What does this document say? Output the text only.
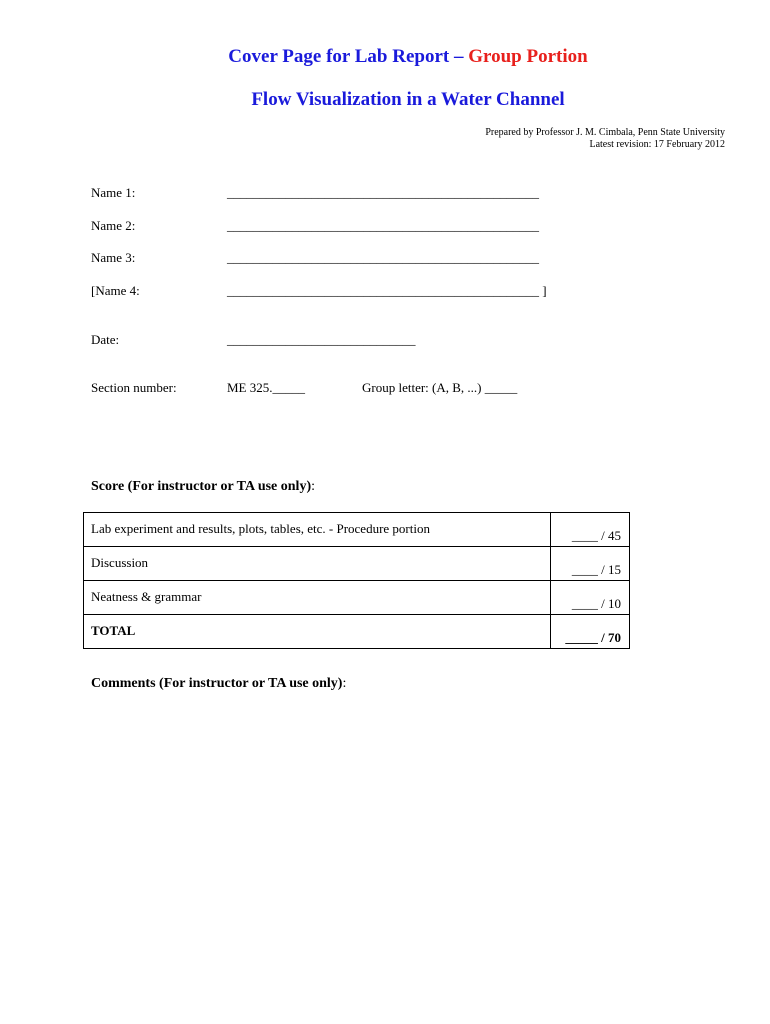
Cover Page for Lab Report – Group Portion
Flow Visualization in a Water Channel
Prepared by Professor J. M. Cimbala, Penn State University
Latest revision: 17 February 2012
Name 1:	________________________________________________
Name 2:	________________________________________________
Name 3:	________________________________________________
[Name 4:	________________________________________________ ]
Date:	_____________________________
Section number:	ME 325._____	Group letter: (A, B, ...) _____
Score (For instructor or TA use only):
Lab experiment and results, plots, tables, etc. - Procedure portion	____ / 45
Discussion	____ / 15
Neatness & grammar	____ / 10
TOTAL	_____ / 70
Comments (For instructor or TA use only):
